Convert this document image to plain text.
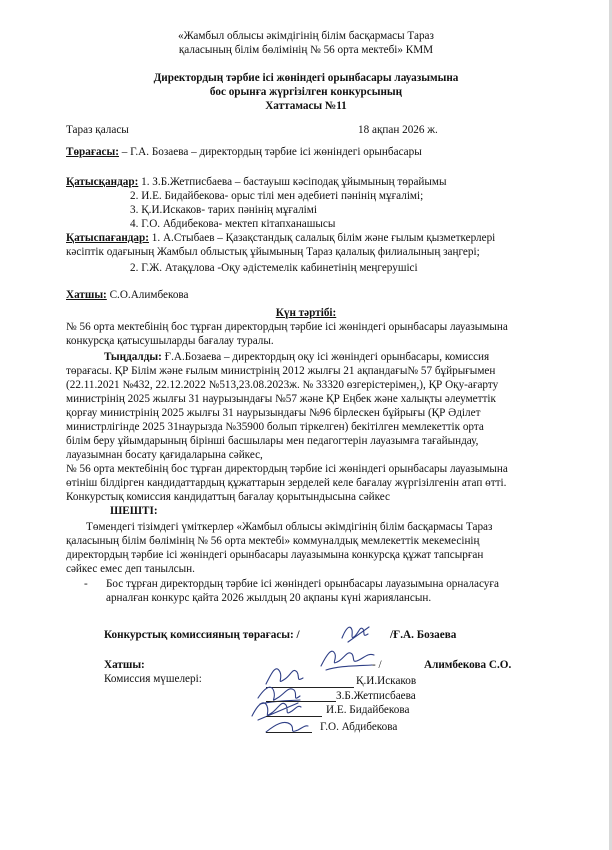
«Жамбыл облысы әкімдігінің білім басқармасы Тараз
қаласының білім бөлімінің № 56 орта мектебі» КММ
Директордың тәрбие ісі жөніндегі орынбасары лауазымына
бос орынға жүргізілген конкурсының
Хаттамасы №11
Тараз қаласы	18 ақпан 2026 ж.
Төрағасы: – Г.А. Бозаева – директордың тәрбие ісі жөніндегі орынбасары
Қатысқандар: 1. З.Б.Жетписбаева – бастауыш кәсіподақ ұйымының төрайымы
2. И.Е. Бидайбекова- орыс тілі мен әдебиеті пәнінің мұғалімі;
3. Қ.И.Искаков- тарих пәнінің мұғалімі
4. Г.О. Абдибекова- мектеп кітапханашысы
Қатыспағандар: 1. А.Стыбаев – Қазақстандық салалық білім және ғылым қызметкерлері
кәсіптік одағының Жамбыл облыстық ұйымының Тараз қалалық филиалының заңгері;
2. Г.Ж. Атақұлова -Оқу әдістемелік кабинетінің меңгерушісі
Хатшы: С.О.Алимбекова
Күн тәртібі:
№ 56 орта мектебінің бос тұрған директордың тәрбие ісі жөніндегі орынбасары лауазымына
конкурсқа қатысушыларды бағалау туралы.
Тыңдалды: Ғ.А.Бозаева – директордың оқу ісі жөніндегі орынбасары, комиссия
төрағасы. ҚР Білім және ғылым министрінің 2012 жылғы 21 ақпандағы№ 57 бұйрығымен
(22.11.2021 №432, 22.12.2022 №513,23.08.2023ж. № 33320 өзгерістерімен,), ҚР Оқу-ағарту
министрінің 2025 жылғы 31 наурызындағы №57 және ҚР Еңбек және халықты әлеуметтік
қорғау министрінің 2025 жылғы 31 наурызындағы №96 бірлескен бұйрығы (ҚР Әділет
министрлігінде 2025 31наурызда №35900 болып тіркелген) бекітілген мемлекеттік орта
білім беру ұйымдарының бірінші басшылары мен педагогтерін лауазымға тағайындау,
лауазымнан босату қағидаларына сәйкес,
№ 56 орта мектебінің бос тұрған директордың тәрбие ісі жөніндегі орынбасары лауазымына
өтініш білдірген кандидаттардың құжаттарын зерделей келе бағалау жүргізілгенін атап өтті.
Конкурстық комиссия кандидаттың бағалау қорытындысына сәйкес
ШЕШТІ:
Төмендегі тізімдегі үміткерлер «Жамбыл облысы әкімдігінің білім басқармасы Тараз
қаласының білім бөлімінің № 56 орта мектебі» коммуналдық мемлекеттік мекемесінің
директордың тәрбие ісі жөніндегі орынбасары лауазымына конкурсқа құжат тапсырған
сәйкес емес деп танылсын.
- Бос тұрған директордың тәрбие ісі жөніндегі орынбасары лауазымына орналасуға
арналған конкурс қайта 2026 жылдың 20 ақпаны күні жарияланcын.
Конкурстық комиссияның төрағасы: /	/Ғ.А. Бозаева
Хатшы:	- /	Алимбекова С.О.
Комиссия мүшелері:	Қ.И.Искаков
З.Б.Жетписбаева
И.Е. Бидайбекова
Г.О. Абдибекова
